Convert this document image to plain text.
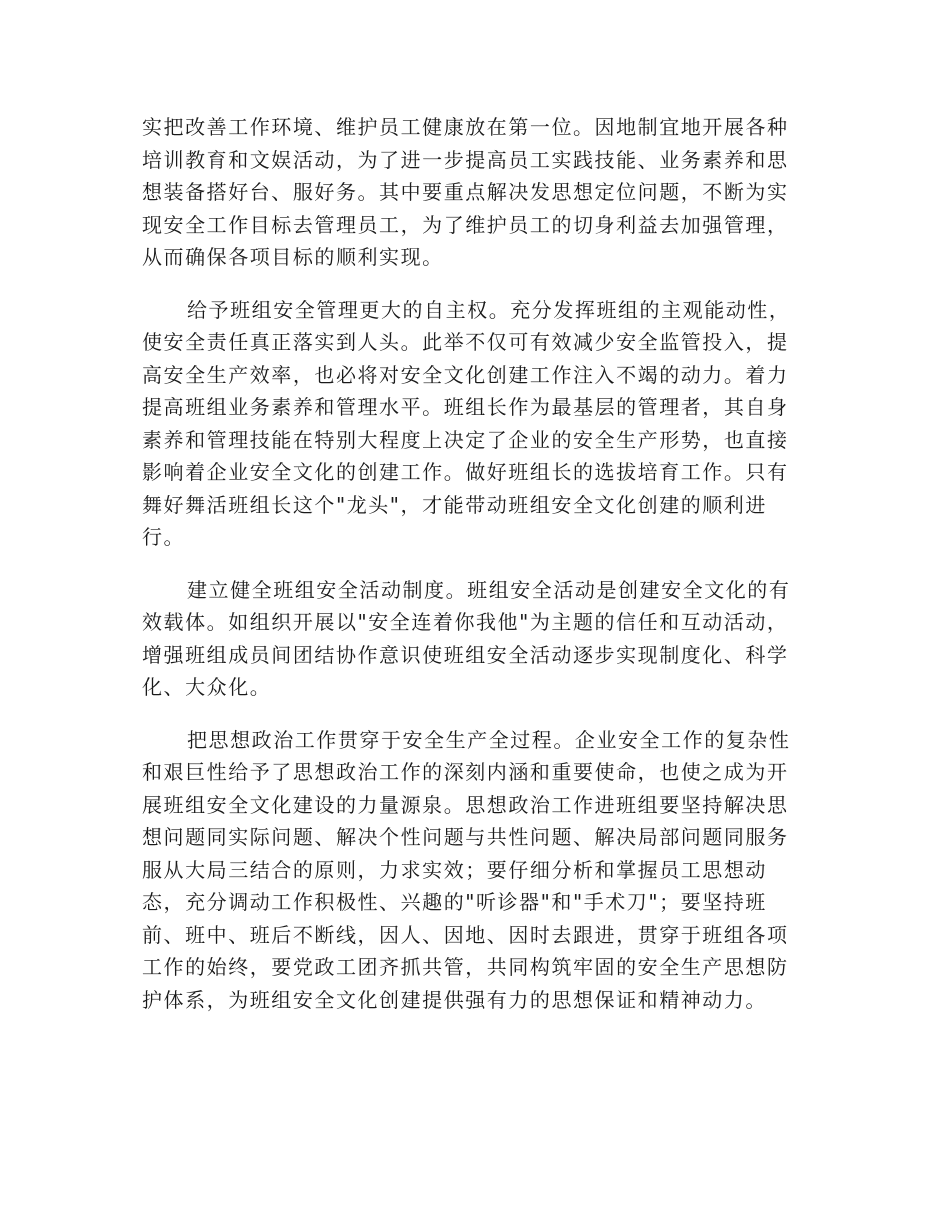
实把改善工作环境、维护员工健康放在第一位。因地制宜地开展各种
培训教育和文娱活动，为了进一步提高员工实践技能、业务素养和思
想装备搭好台、服好务。其中要重点解决发思想定位问题，不断为实
现安全工作目标去管理员工，为了维护员工的切身利益去加强管理，
从而确保各项目标的顺利实现。
给予班组安全管理更大的自主权。充分发挥班组的主观能动性，
使安全责任真正落实到人头。此举不仅可有效减少安全监管投入，提
高安全生产效率，也必将对安全文化创建工作注入不竭的动力。着力
提高班组业务素养和管理水平。班组长作为最基层的管理者，其自身
素养和管理技能在特别大程度上决定了企业的安全生产形势，也直接
影响着企业安全文化的创建工作。做好班组长的选拔培育工作。只有
舞好舞活班组长这个"龙头"，才能带动班组安全文化创建的顺利进
行。
建立健全班组安全活动制度。班组安全活动是创建安全文化的有
效载体。如组织开展以"安全连着你我他"为主题的信任和互动活动，
增强班组成员间团结协作意识使班组安全活动逐步实现制度化、科学
化、大众化。
把思想政治工作贯穿于安全生产全过程。企业安全工作的复杂性
和艰巨性给予了思想政治工作的深刻内涵和重要使命，也使之成为开
展班组安全文化建设的力量源泉。思想政治工作进班组要坚持解决思
想问题同实际问题、解决个性问题与共性问题、解决局部问题同服务
服从大局三结合的原则，力求实效；要仔细分析和掌握员工思想动
态，充分调动工作积极性、兴趣的"听诊器"和"手术刀"；要坚持班
前、班中、班后不断线，因人、因地、因时去跟进，贯穿于班组各项
工作的始终，要党政工团齐抓共管，共同构筑牢固的安全生产思想防
护体系，为班组安全文化创建提供强有力的思想保证和精神动力。
